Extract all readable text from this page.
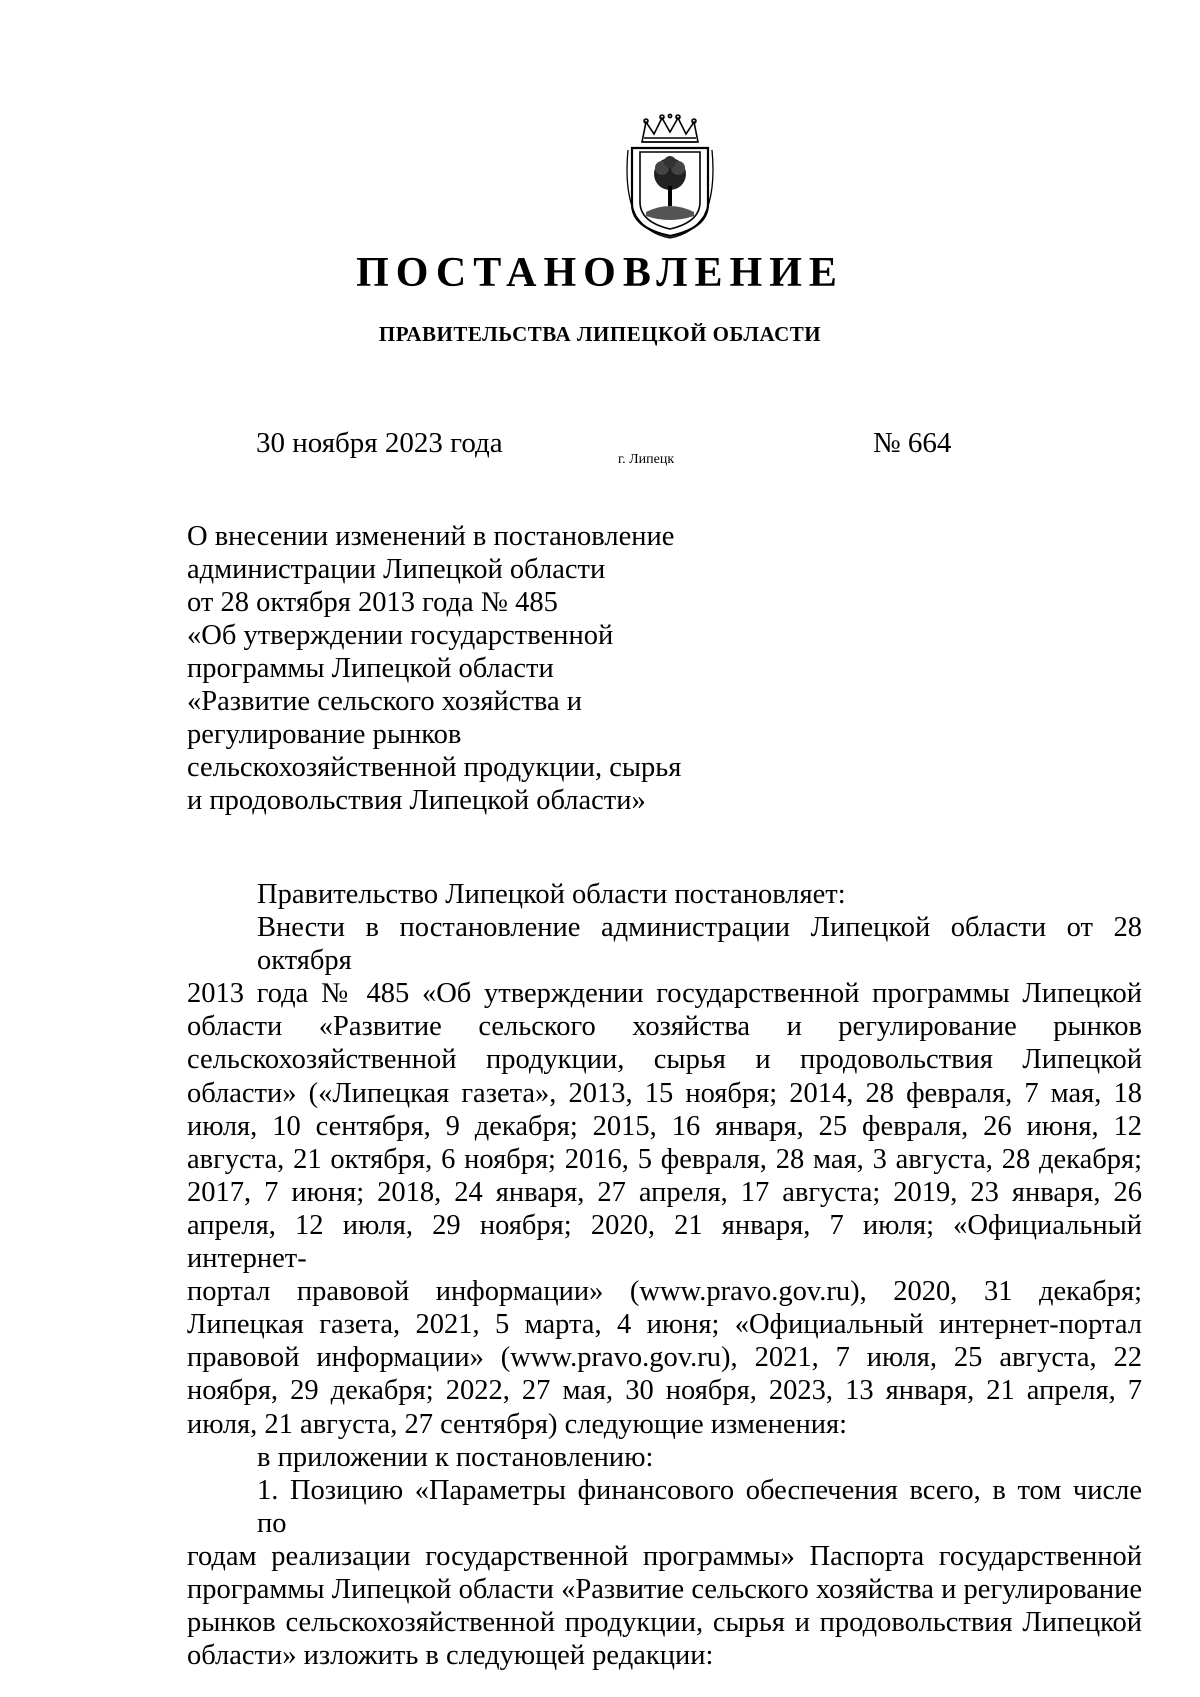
ПОСТАНОВЛЕНИЕ
ПРАВИТЕЛЬСТВА ЛИПЕЦКОЙ ОБЛАСТИ
30 ноября 2023 года
г. Липецк
№ 664
О внесении изменений в постановление
администрации Липецкой области
от 28 октября 2013 года № 485
«Об утверждении государственной
программы Липецкой области
«Развитие сельского хозяйства и
регулирование рынков
сельскохозяйственной продукции, сырья
и продовольствия Липецкой области»
Правительство Липецкой области постановляет:
Внести в постановление администрации Липецкой области от 28 октября
2013 года № 485 «Об утверждении государственной программы Липецкой
области «Развитие сельского хозяйства и регулирование рынков
сельскохозяйственной продукции, сырья и продовольствия Липецкой
области» («Липецкая газета», 2013, 15 ноября; 2014, 28 февраля, 7 мая, 18
июля, 10 сентября, 9 декабря; 2015, 16 января, 25 февраля, 26 июня, 12
августа, 21 октября, 6 ноября; 2016, 5 февраля, 28 мая, 3 августа, 28 декабря;
2017, 7 июня; 2018, 24 января, 27 апреля, 17 августа; 2019, 23 января, 26
апреля, 12 июля, 29 ноября; 2020, 21 января, 7 июля; «Официальный интернет-
портал правовой информации» (www.pravo.gov.ru), 2020, 31 декабря;
Липецкая газета, 2021, 5 марта, 4 июня; «Официальный интернет-портал
правовой информации» (www.pravo.gov.ru), 2021, 7 июля, 25 августа, 22
ноября, 29 декабря; 2022, 27 мая, 30 ноября, 2023, 13 января, 21 апреля, 7
июля, 21 августа, 27 сентября) следующие изменения:
в приложении к постановлению:
1. Позицию «Параметры финансового обеспечения всего, в том числе по
годам реализации государственной программы» Паспорта государственной
программы Липецкой области «Развитие сельского хозяйства и регулирование
рынков сельскохозяйственной продукции, сырья и продовольствия Липецкой
области» изложить в следующей редакции:
